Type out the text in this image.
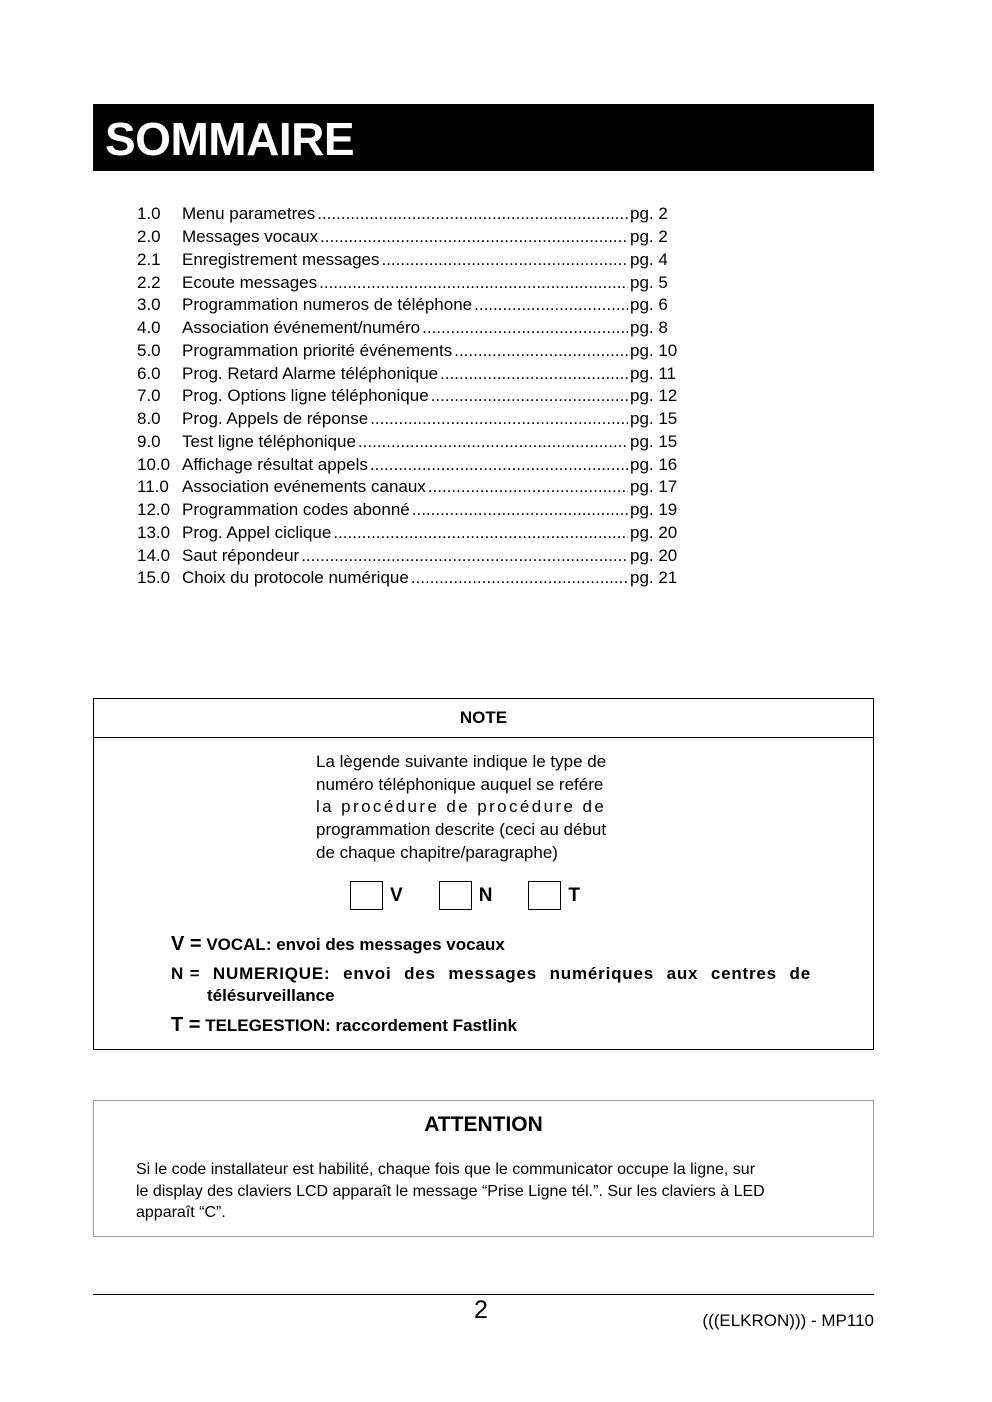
SOMMAIRE
1.0	Menu parametres .....	pg. 2
2.0	Messages vocaux .....	pg. 2
2.1	Enregistrement messages .....	pg. 4
2.2	Ecoute messages .....	pg. 5
3.0	Programmation numeros de téléphone .....	pg. 6
4.0	Association événement/numéro .....	pg. 8
5.0	Programmation priorité événements .....	pg. 10
6.0	Prog. Retard Alarme téléphonique .....	pg. 11
7.0	Prog. Options ligne téléphonique .....	pg. 12
8.0	Prog. Appels de réponse .....	pg. 15
9.0	Test ligne téléphonique .....	pg. 15
10.0 Affichage résultat appels .....	pg. 16
11.0 Association evénements canaux .....	pg. 17
12.0 Programmation codes abonné .....	pg. 19
13.0 Prog. Appel ciclique .....	pg. 20
14.0 Saut répondeur .....	pg. 20
15.0 Choix du protocole numérique .....	pg. 21
NOTE
La lègende suivante indique le type de
numéro téléphonique auquel se refére
la procédure de procédure de
programmation descrite (ceci au début
de chaque chapitre/paragraphe)
V	N	T
V = VOCAL: envoi des messages vocaux
N = NUMERIQUE: envoi des messages numériques aux centres de
télésurveillance
T = TELEGESTION: raccordement Fastlink
ATTENTION
Si le code installateur est habilité, chaque fois que le communicator occupe la ligne, sur
le display des claviers LCD apparaît le message “Prise Ligne tél.”. Sur les claviers à LED
apparaît “C”.
2	(((ELKRON))) - MP110
